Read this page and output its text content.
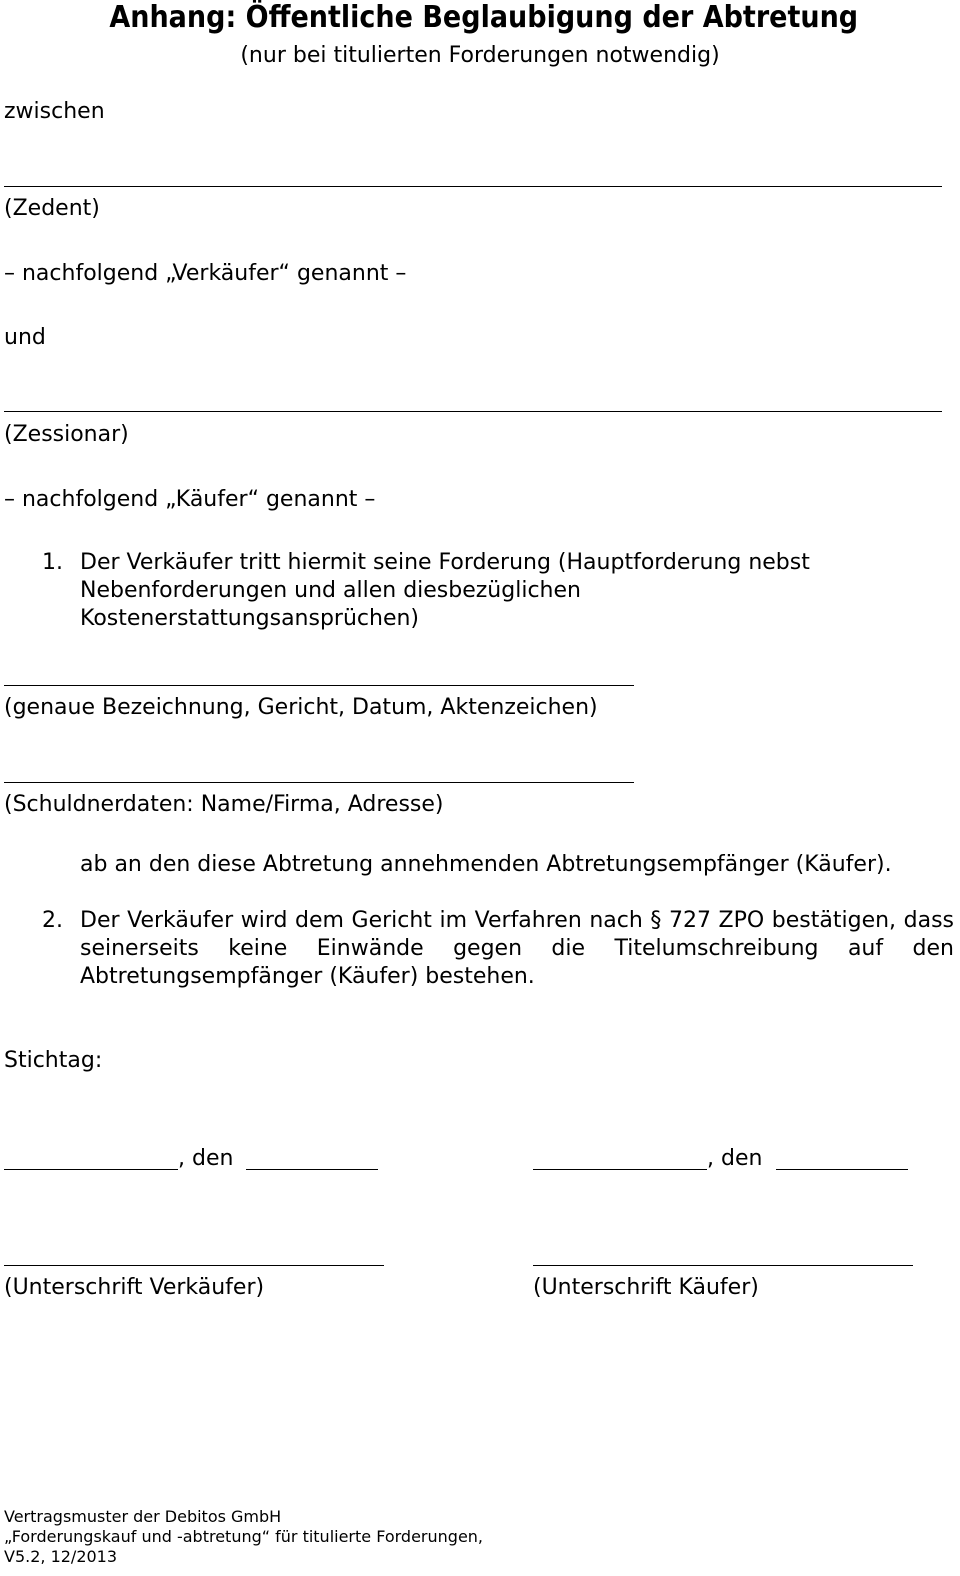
Anhang: Öffentliche Beglaubigung der Abtretung
(nur bei titulierten Forderungen notwendig)
zwischen
(Zedent)
– nachfolgend „Verkäufer“ genannt –
und
(Zessionar)
– nachfolgend „Käufer“ genannt –
1. Der Verkäufer tritt hiermit seine Forderung (Hauptforderung nebst Nebenforderungen und allen diesbezüglichen Kostenerstattungsansprüchen)
(genaue Bezeichnung, Gericht, Datum, Aktenzeichen)
(Schuldnerdaten: Name/Firma, Adresse)
ab an den diese Abtretung annehmenden Abtretungsempfänger (Käufer).
2. Der Verkäufer wird dem Gericht im Verfahren nach § 727 ZPO bestätigen, dass seinerseits keine Einwände gegen die Titelumschreibung auf den Abtretungsempfänger (Käufer) bestehen.
Stichtag:
, den	, den
(Unterschrift Verkäufer)	(Unterschrift Käufer)
Vertragsmuster der Debitos GmbH
„Forderungskauf und -abtretung“ für titulierte Forderungen,
V5.2, 12/2013
